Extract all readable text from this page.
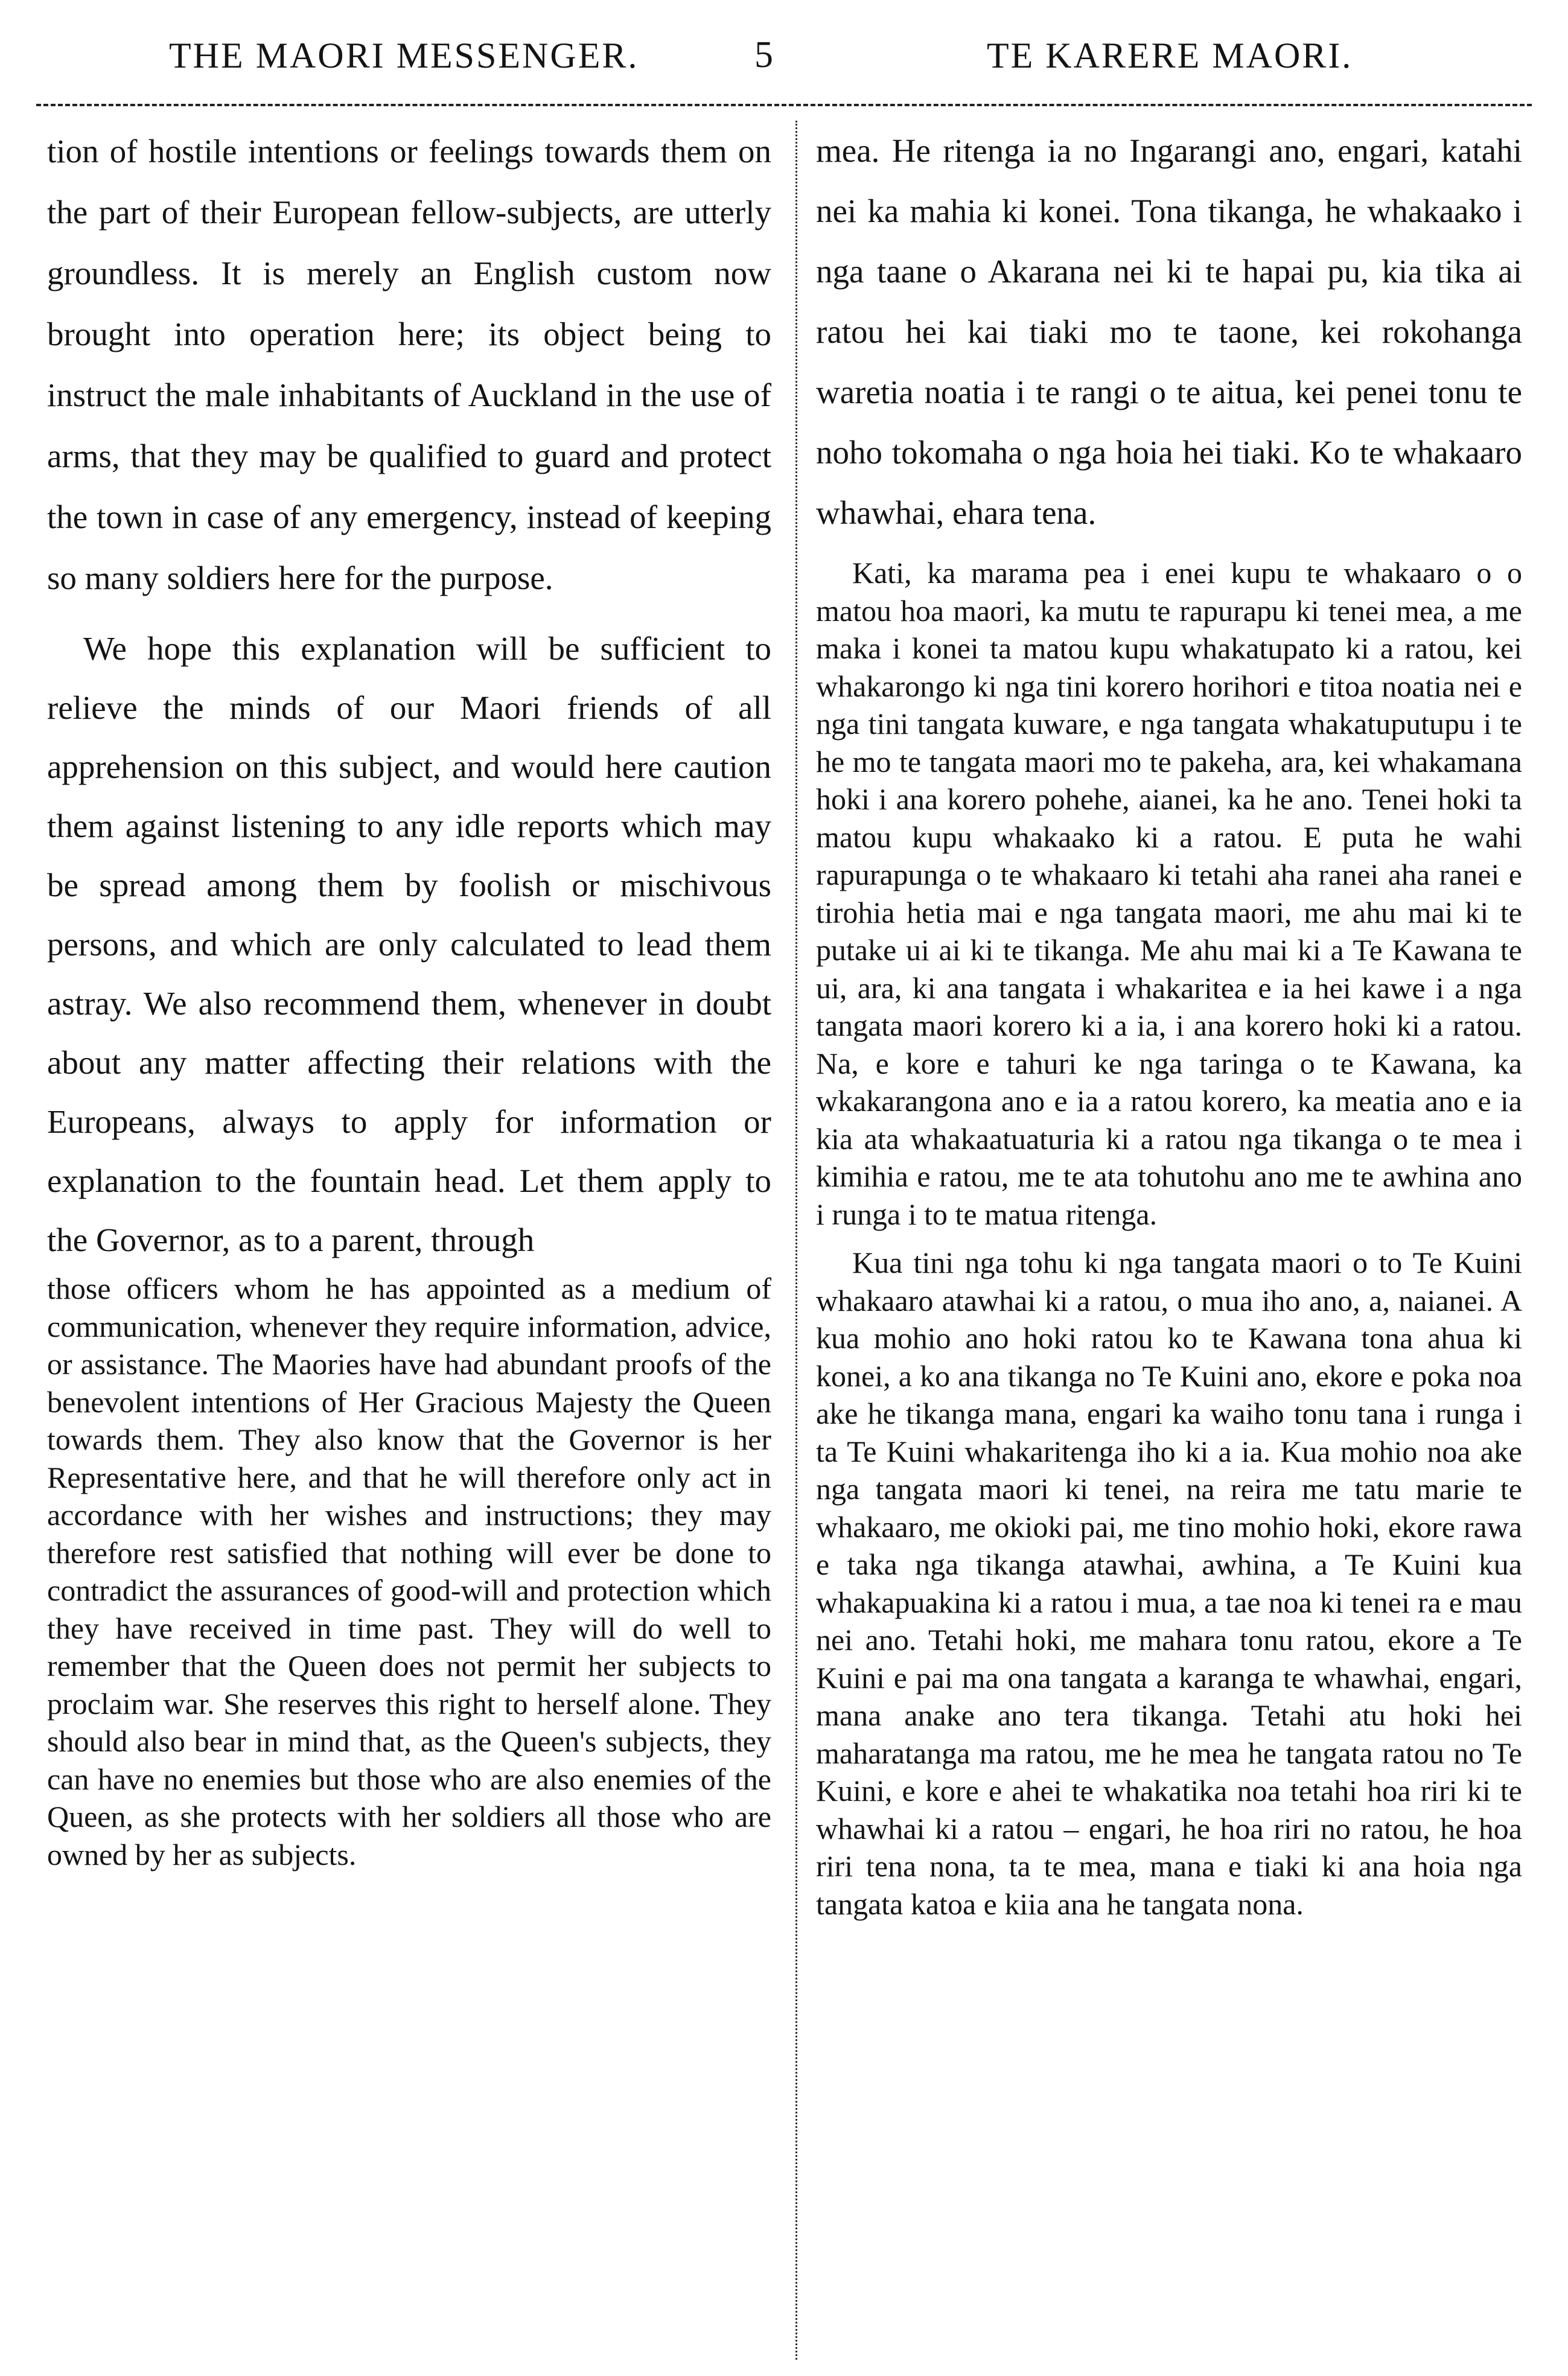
THE MAORI MESSENGER.	5	TE KARERE MAORI.

tion of hostile intentions or feelings towards them on the part of their European fellow-subjects, are utterly groundless. It is merely an English custom now brought into operation here; its object being to instruct the male inhabitants of Auckland in the use of arms, that they may be qualified to guard and protect the town in case of any emergency, instead of keeping so many soldiers here for the purpose.

We hope this explanation will be sufficient to relieve the minds of our Maori friends of all apprehension on this subject, and would here caution them against listening to any idle reports which may be spread among them by foolish or mischivous persons, and which are only calculated to lead them astray. We also recommend them, whenever in doubt about any matter affecting their relations with the Europeans, always to apply for information or explanation to the fountain head. Let them apply to the Governor, as to a parent, through

those officers whom he has appointed as a medium of communication, whenever they require information, advice, or assistance. The Maories have had abundant proofs of the benevolent intentions of Her Gracious Majesty the Queen towards them. They also know that the Governor is her Representative here, and that he will therefore only act in accordance with her wishes and instructions; they may therefore rest satisfied that nothing will ever be done to contradict the assurances of good-will and protection which they have received in time past. They will do well to remember that the Queen does not permit her subjects to proclaim war. She reserves this right to herself alone. They should also bear in mind that, as the Queen's subjects, they can have no enemies but those who are also enemies of the Queen, as she protects with her soldiers all those who are owned by her as subjects.

mea. He ritenga ia no Ingarangi ano, engari, katahi nei ka mahia ki konei. Tona tikanga, he whakaako i nga taane o Akarana nei ki te hapai pu, kia tika ai ratou hei kai tiaki mo te taone, kei rokohanga waretia noatia i te rangi o te aitua, kei penei tonu te noho tokomaha o nga hoia hei tiaki. Ko te whakaaro whawhai, ehara tena.

Kati, ka marama pea i enei kupu te whakaaro o o matou hoa maori, ka mutu te rapurapu ki tenei mea, a me maka i konei ta matou kupu whakatupato ki a ratou, kei whakarongo ki nga tini korero horihori e titoa noatia nei e nga tini tangata kuware, e nga tangata whakatuputupu i te he mo te tangata maori mo te pakeha, ara, kei whakamana hoki i ana korero pohehe, aianei, ka he ano. Tenei hoki ta matou kupu whakaako ki a ratou. E puta he wahi rapurapunga o te whakaaro ki tetahi aha ranei aha ranei e tirohia hetia mai e nga tangata maori, me ahu mai ki te putake ui ai ki te tikanga. Me ahu mai ki a Te Kawana te ui, ara, ki ana tangata i whakaritea e ia hei kawe i a nga tangata maori korero ki a ia, i ana korero hoki ki a ratou. Na, e kore e tahuri ke nga taringa o te Kawana, ka wkakarangona ano e ia a ratou korero, ka meatia ano e ia kia ata whakaatuaturia ki a ratou nga tikanga o te mea i kimihia e ratou, me te ata tohutohu ano me te awhina ano i runga i to te matua ritenga.

Kua tini nga tohu ki nga tangata maori o to Te Kuini whakaaro atawhai ki a ratou, o mua iho ano, a, naianei. A kua mohio ano hoki ratou ko te Kawana tona ahua ki konei, a ko ana tikanga no Te Kuini ano, ekore e poka noa ake he tikanga mana, engari ka waiho tonu tana i runga i ta Te Kuini whakaritenga iho ki a ia. Kua mohio noa ake nga tangata maori ki tenei, na reira me tatu marie te whakaaro, me okioki pai, me tino mohio hoki, ekore rawa e taka nga tikanga atawhai, awhina, a Te Kuini kua whakapuakina ki a ratou i mua, a tae noa ki tenei ra e mau nei ano. Tetahi hoki, me mahara tonu ratou, ekore a Te Kuini e pai ma ona tangata a karanga te whawhai, engari, mana anake ano tera tikanga. Tetahi atu hoki hei maharatanga ma ratou, me he mea he tangata ratou no Te Kuini, e kore e ahei te whakatika noa tetahi hoa riri ki te whawhai ki a ratou – engari, he hoa riri no ratou, he hoa riri tena nona, ta te mea, mana e tiaki ki ana hoia nga tangata katoa e kiia ana he tangata nona.
